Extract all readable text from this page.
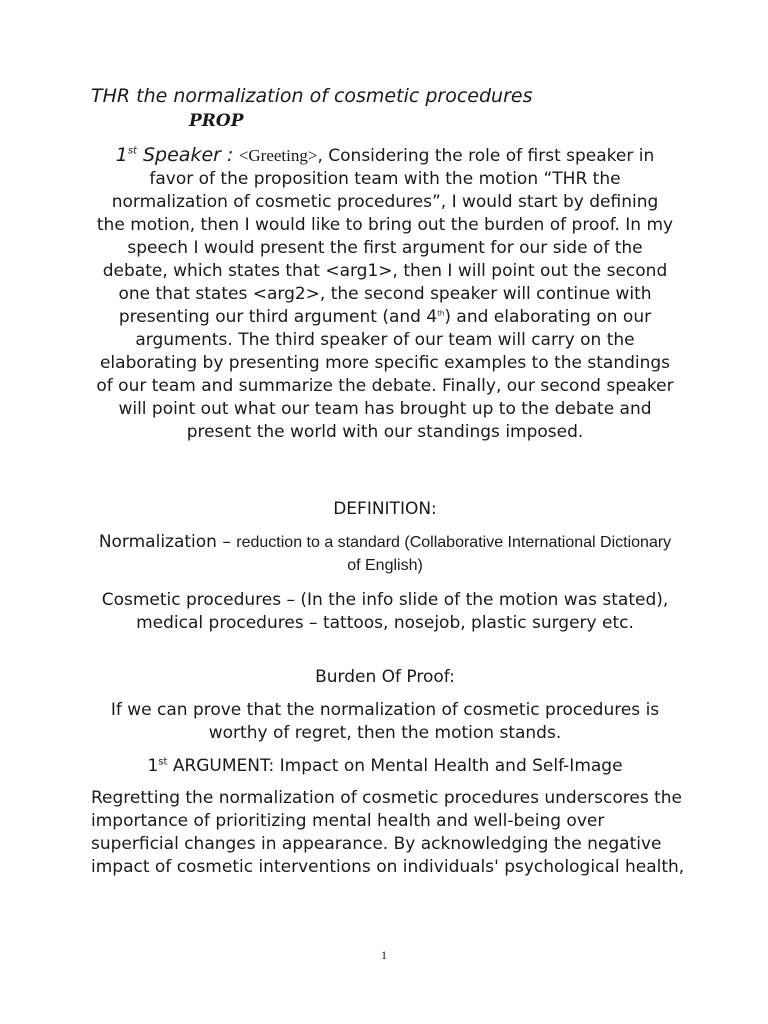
THR the normalization of cosmetic procedures
PROP
1st Speaker : <Greeting>, Considering the role of first speaker in favor of the proposition team with the motion “THR the normalization of cosmetic procedures”, I would start by defining the motion, then I would like to bring out the burden of proof. In my speech I would present the first argument for our side of the debate, which states that <arg1>, then I will point out the second one that states <arg2>, the second speaker will continue with presenting our third argument (and 4th) and elaborating on our arguments. The third speaker of our team will carry on the elaborating by presenting more specific examples to the standings of our team and summarize the debate. Finally, our second speaker will point out what our team has brought up to the debate and present the world with our standings imposed.
DEFINITION:
Normalization – reduction to a standard (Collaborative International Dictionary of English)
Cosmetic procedures – (In the info slide of the motion was stated), medical procedures – tattoos, nosejob, plastic surgery etc.
Burden Of Proof:
If we can prove that the normalization of cosmetic procedures is worthy of regret, then the motion stands.
1st ARGUMENT: Impact on Mental Health and Self-Image
Regretting the normalization of cosmetic procedures underscores the importance of prioritizing mental health and well-being over superficial changes in appearance. By acknowledging the negative impact of cosmetic interventions on individuals' psychological health,
1
